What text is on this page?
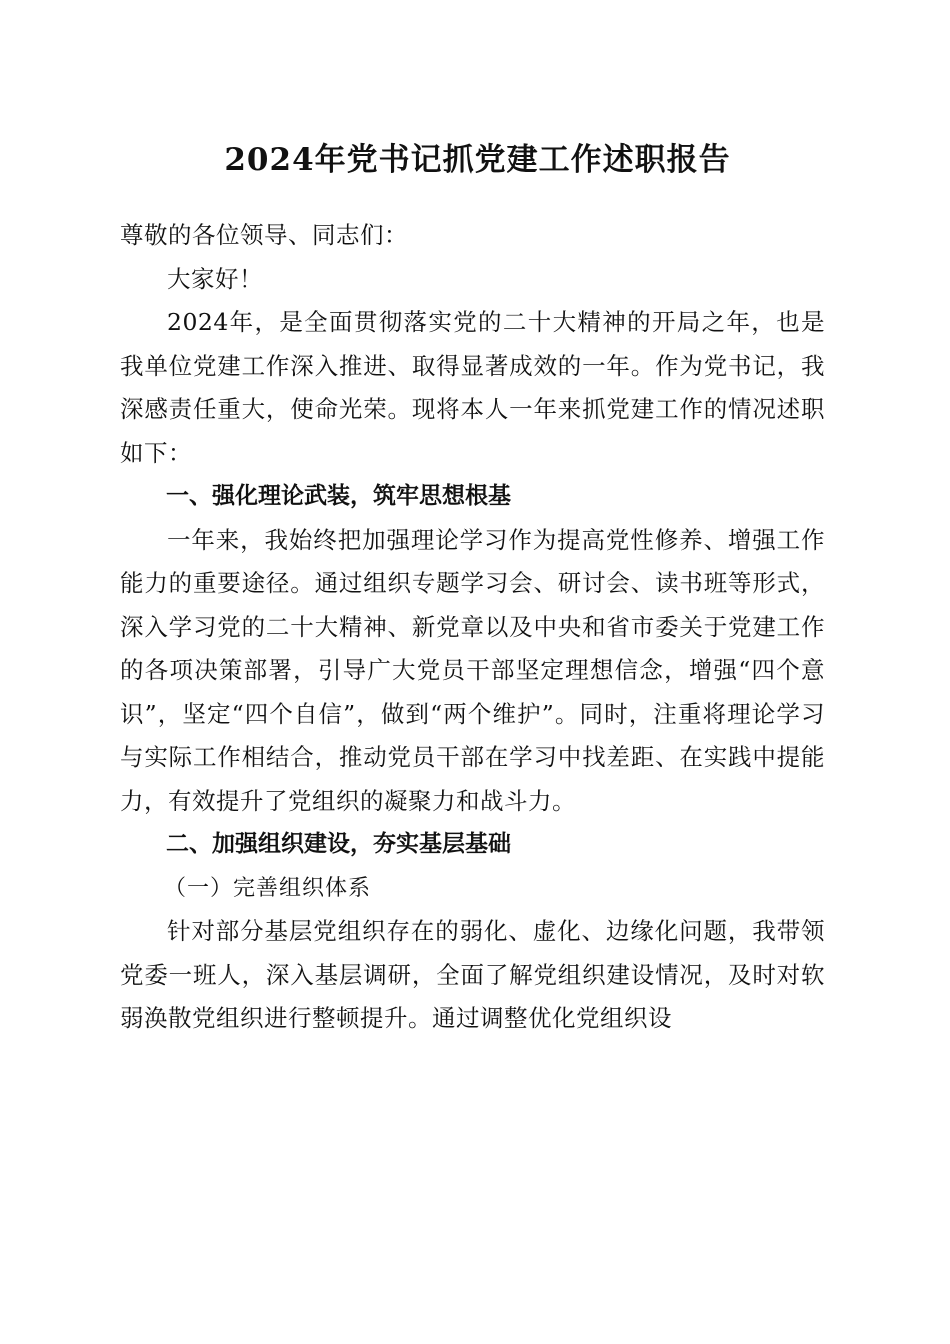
2024年党书记抓党建工作述职报告

尊敬的各位领导、同志们：

大家好！

2024年，是全面贯彻落实党的二十大精神的开局之年，也是我单位党建工作深入推进、取得显著成效的一年。作为党书记，我深感责任重大，使命光荣。现将本人一年来抓党建工作的情况述职如下：

一、强化理论武装，筑牢思想根基

一年来，我始终把加强理论学习作为提高党性修养、增强工作能力的重要途径。通过组织专题学习会、研讨会、读书班等形式，深入学习党的二十大精神、新党章以及中央和省市委关于党建工作的各项决策部署，引导广大党员干部坚定理想信念，增强“四个意识”，坚定“四个自信”，做到“两个维护”。同时，注重将理论学习与实际工作相结合，推动党员干部在学习中找差距、在实践中提能力，有效提升了党组织的凝聚力和战斗力。

二、加强组织建设，夯实基层基础

（一）完善组织体系

针对部分基层党组织存在的弱化、虚化、边缘化问题，我带领党委一班人，深入基层调研，全面了解党组织建设情况，及时对软弱涣散党组织进行整顿提升。通过调整优化党组织设
